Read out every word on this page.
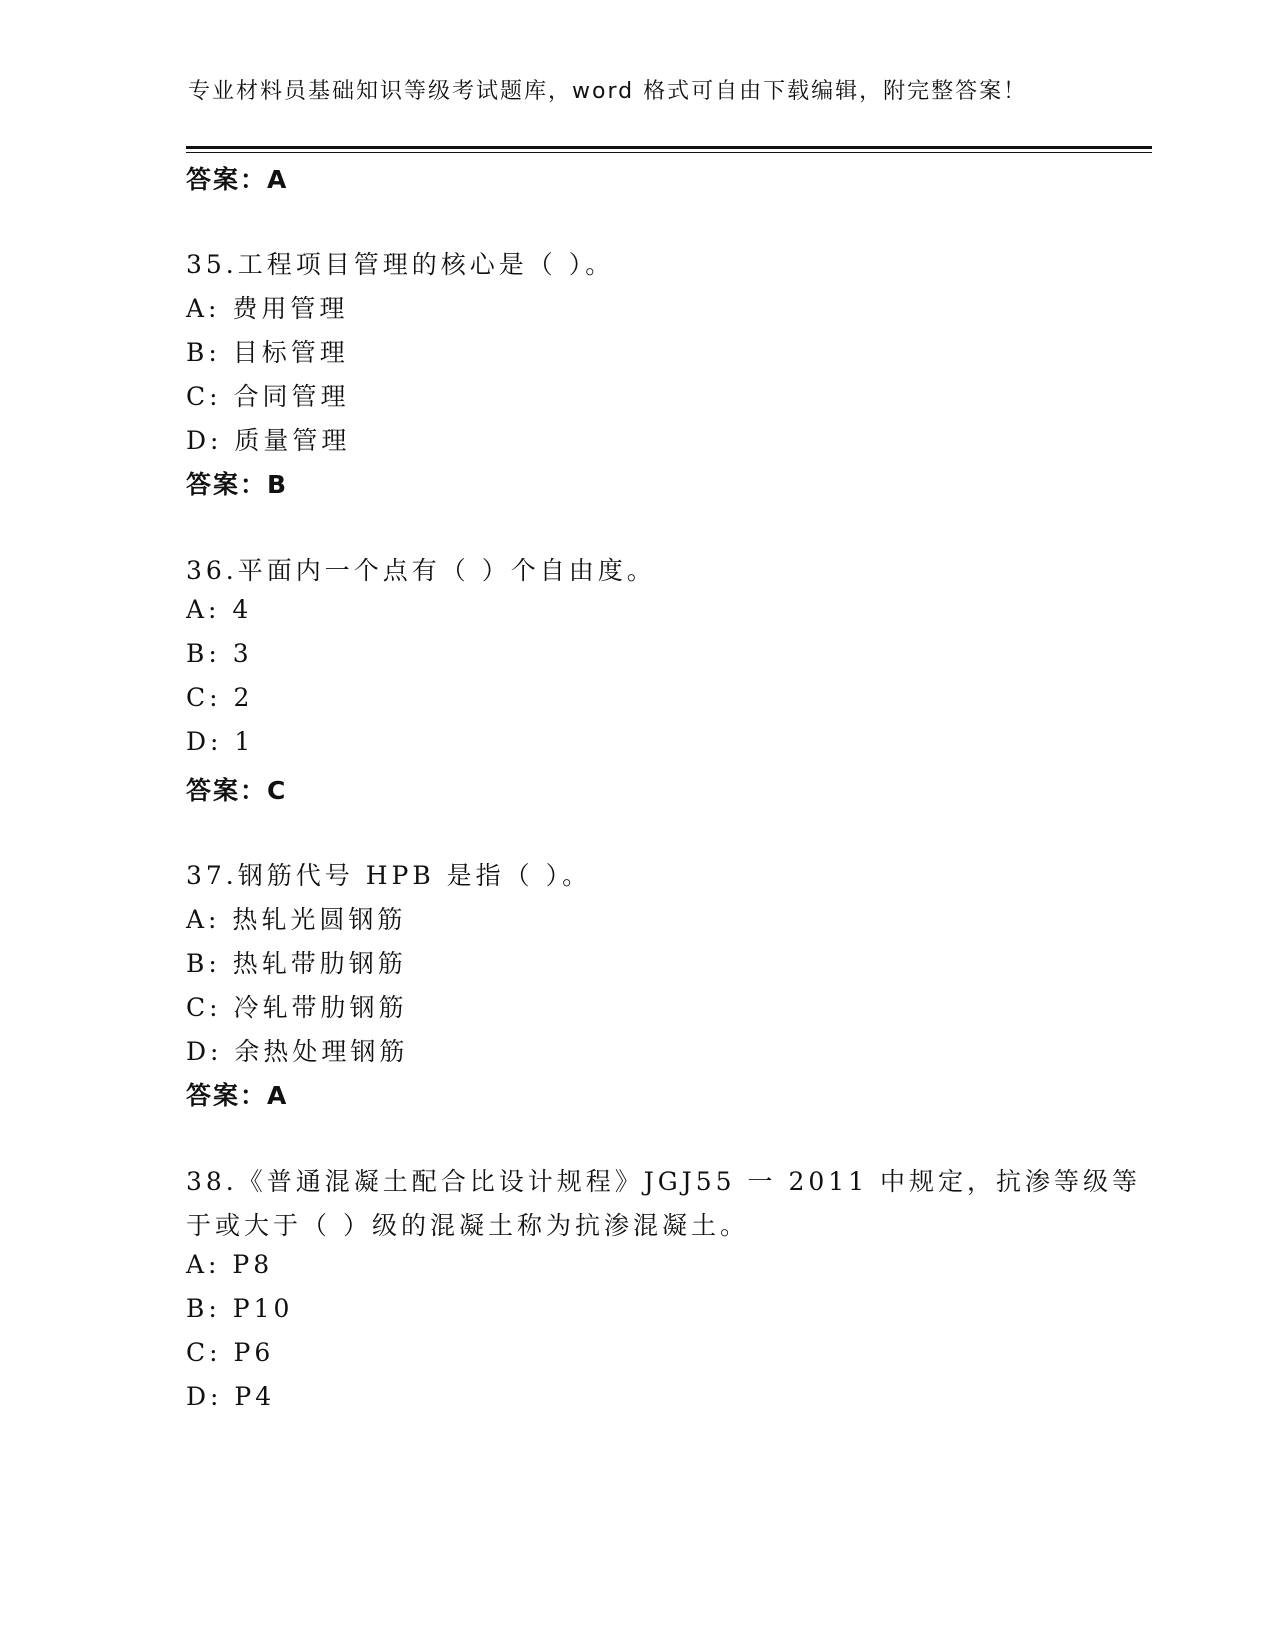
专业材料员基础知识等级考试题库，word 格式可自由下载编辑，附完整答案！
答案：A
35.工程项目管理的核心是（ ）。
A: 费用管理
B: 目标管理
C: 合同管理
D: 质量管理
答案：B
36.平面内一个点有（ ）个自由度。
A: 4
B: 3
C: 2
D: 1
答案：C
37.钢筋代号 HPB 是指（ ）。
A: 热轧光圆钢筋
B: 热轧带肋钢筋
C: 冷轧带肋钢筋
D: 余热处理钢筋
答案：A
38.《普通混凝土配合比设计规程》JGJ55 一 2011 中规定，抗渗等级等
于或大于（ ）级的混凝土称为抗渗混凝土。
A: P8
B: P10
C: P6
D: P4
